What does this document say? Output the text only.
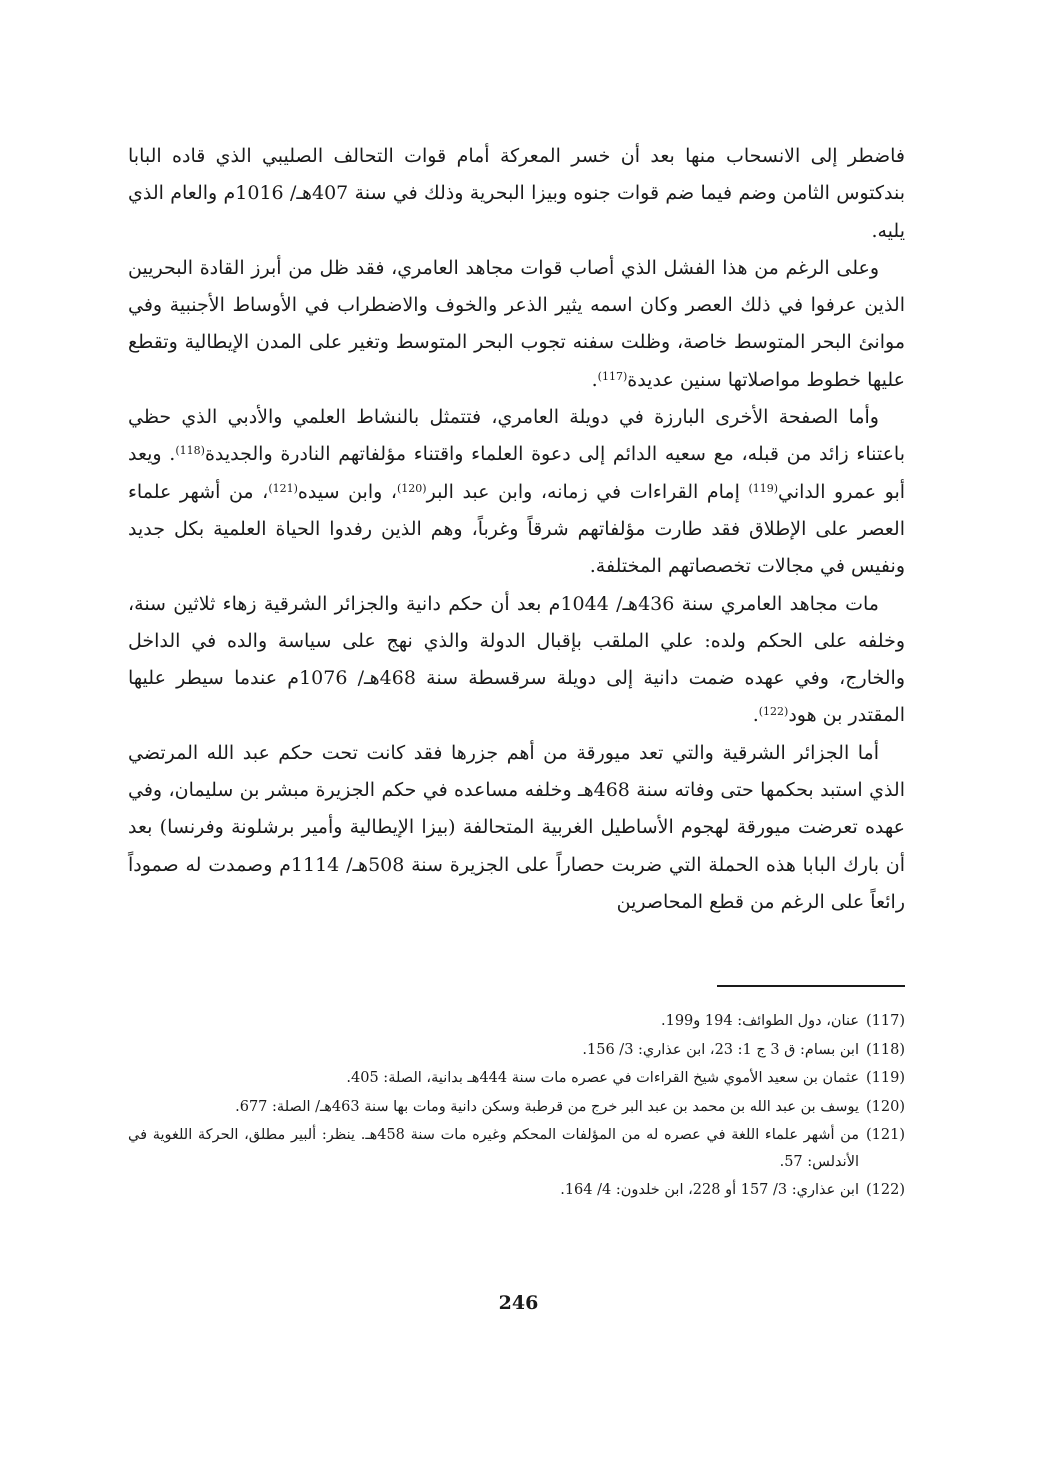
فاضطر إلى الانسحاب منها بعد أن خسر المعركة أمام قوات التحالف الصليبي الذي قاده البابا بندكتوس الثامن وضم فيما ضم قوات جنوه وبيزا البحرية وذلك في سنة 407هـ/ 1016م والعام الذي يليه.

وعلى الرغم من هذا الفشل الذي أصاب قوات مجاهد العامري، فقد ظل من أبرز القادة البحريين الذين عرفوا في ذلك العصر وكان اسمه يثير الذعر والخوف والاضطراب في الأوساط الأجنبية وفي موانئ البحر المتوسط خاصة، وظلت سفنه تجوب البحر المتوسط وتغير على المدن الإيطالية وتقطع عليها خطوط مواصلاتها سنين عديدة$^{(117)}$.

وأما الصفحة الأخرى البارزة في دويلة العامري، فتتمثل بالنشاط العلمي والأدبي الذي حظي باعتناء زائد من قبله، مع سعيه الدائم إلى دعوة العلماء واقتناء مؤلفاتهم النادرة والجديدة$^{(118)}$. ويعد أبو عمرو الداني$^{(119)}$ إمام القراءات في زمانه، وابن عبد البر$^{(120)}$، وابن سيده$^{(121)}$، من أشهر علماء العصر على الإطلاق فقد طارت مؤلفاتهم شرقاً وغرباً، وهم الذين رفدوا الحياة العلمية بكل جديد ونفيس في مجالات تخصصاتهم المختلفة.

مات مجاهد العامري سنة 436هـ/ 1044م بعد أن حكم دانية والجزائر الشرقية زهاء ثلاثين سنة، وخلفه على الحكم ولده: علي الملقب بإقبال الدولة والذي نهج على سياسة والده في الداخل والخارج، وفي عهده ضمت دانية إلى دويلة سرقسطة سنة 468هـ/ 1076م عندما سيطر عليها المقتدر بن هود$^{(122)}$.

أما الجزائر الشرقية والتي تعد ميورقة من أهم جزرها فقد كانت تحت حكم عبد الله المرتضي الذي استبد بحكمها حتى وفاته سنة 468هـ وخلفه مساعده في حكم الجزيرة مبشر بن سليمان، وفي عهده تعرضت ميورقة لهجوم الأساطيل الغربية المتحالفة (بيزا الإيطالية وأمير برشلونة وفرنسا) بعد أن بارك البابا هذه الحملة التي ضربت حصاراً على الجزيرة سنة 508هـ/ 1114م وصمدت له صموداً رائعاً على الرغم من قطع المحاصرين

(117)
عنان، دول الطوائف: 194 و199.
(118)
ابن بسام: ق 3 ج 1: 23، ابن عذاري: 3/ 156.
(119)
عثمان بن سعيد الأموي شيخ القراءات في عصره مات سنة 444هـ بدانية، الصلة: 405.
(120)
يوسف بن عبد الله بن محمد بن عبد البر خرج من قرطبة وسكن دانية ومات بها سنة 463هـ/ الصلة: 677.
(121)
من أشهر علماء اللغة في عصره له من المؤلفات المحكم وغيره مات سنة 458هـ. ينظر: ألبير مطلق، الحركة اللغوية في الأندلس: 57.
(122)
ابن عذاري: 3/ 157 أو 228، ابن خلدون: 4/ 164.
246
